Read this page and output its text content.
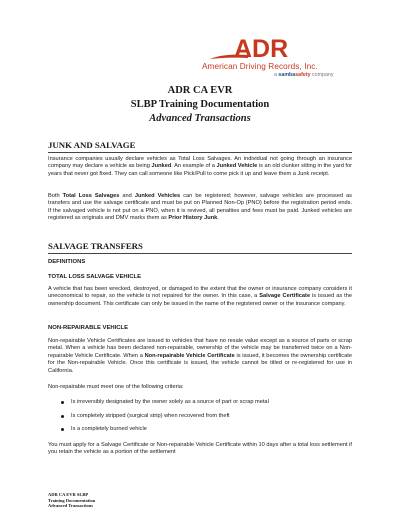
ADR
American Driving Records, Inc.
a sambasafety company
ADR CA EVR
SLBP Training Documentation
Advanced Transactions
JUNK AND SALVAGE
Insurance companies usually declare vehicles as Total Loss Salvages. An individual not going through an insurance company may declare a vehicle as being Junked. An example of a Junked Vehicle is an old clunker sitting in the yard for years that never got fixed. They can call someone like Pick/Pull to come pick it up and leave them a Junk receipt.
Both Total Loss Salvages and Junked Vehicles can be registered; however, salvage vehicles are processed as transfers and use the salvage certificate and must be put on Planned Non-Op (PNO) before the registration period ends. If the salvaged vehicle is not put on a PNO, when it is revived, all penalties and fees must be paid. Junked vehicles are registered as originals and DMV marks them as Prior History Junk.
SALVAGE TRANSFERS
DEFINITIONS
TOTAL LOSS SALVAGE VEHICLE
A vehicle that has been wrecked, destroyed, or damaged to the extent that the owner or insurance company considers it uneconomical to repair, so the vehicle is not repaired for the owner. In this case, a Salvage Certificate is issued as the ownership document. This certificate can only be issued in the name of the registered owner or the insurance company.
NON-REPAIRABLE VEHICLE
Non-repairable Vehicle Certificates are issued to vehicles that have no resale value except as a source of parts or scrap metal. When a vehicle has been declared non-repairable, ownership of the vehicle may be transferred twice on a Non-repairable Vehicle Certificate. When a Non-repairable Vehicle Certificate is issued, it becomes the ownership certificate for the Non-repairable Vehicle. Once this certificate is issued, the vehicle cannot be titled or re-registered for use in California.
Non-repairable must meet one of the following criteria:
Is irreversibly designated by the owner solely as a source of part or scrap metal
Is completely stripped (surgical strip) when recovered from theft
Is a completely burned vehicle
You must apply for a Salvage Certificate or Non-repairable Vehicle Certificate within 10 days after a total loss settlement if you retain the vehicle as a portion of the settlement
ADR CA EVR SLBP
Training Documentation
Advanced Transactions
